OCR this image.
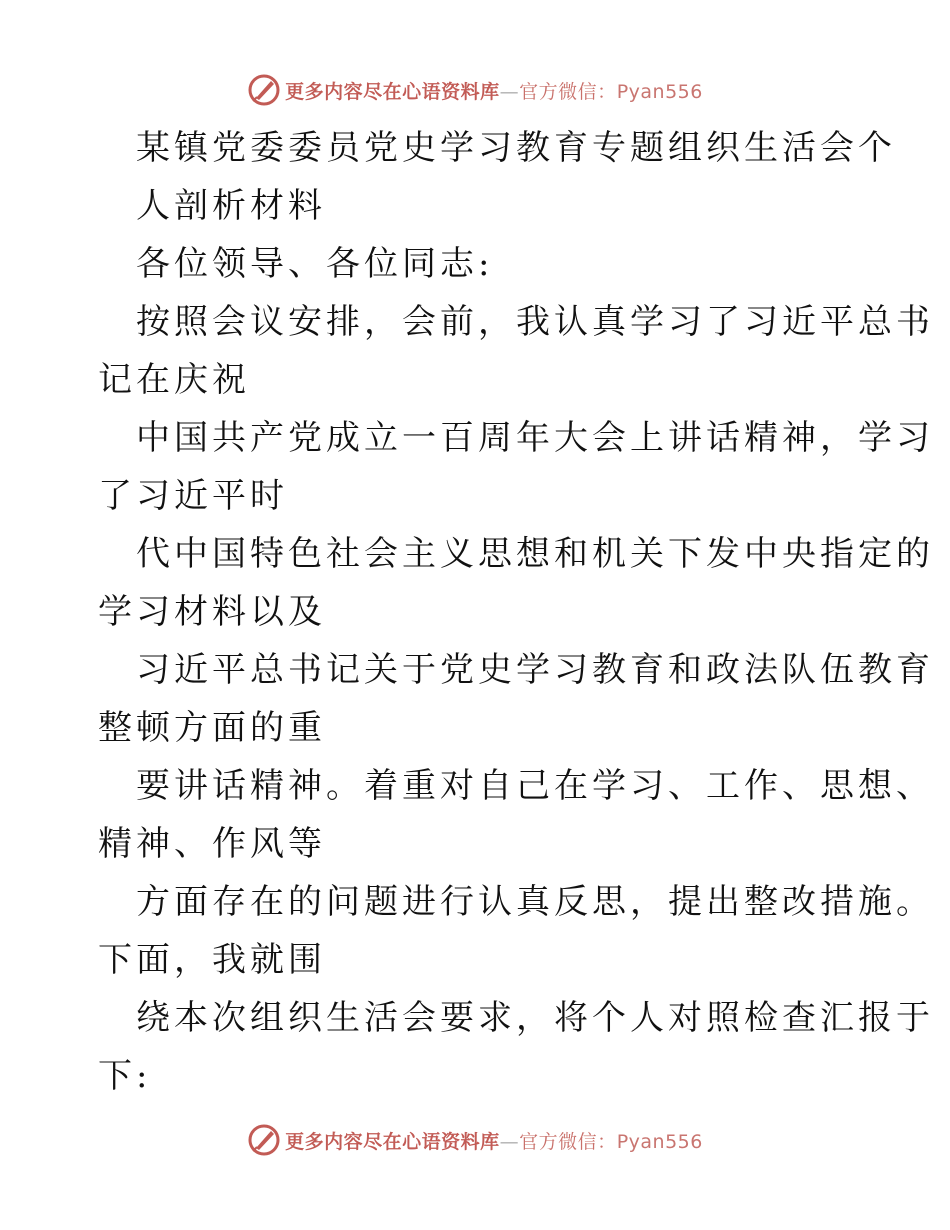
更多内容尽在心语资料库—官方微信：Pyan556
某镇党委委员党史学习教育专题组织生活会个
人剖析材料
各位领导、各位同志:
按照会议安排，会前，我认真学习了习近平总书
记在庆祝
中国共产党成立一百周年大会上讲话精神，学习
了习近平时
代中国特色社会主义思想和机关下发中央指定的
学习材料以及
习近平总书记关于党史学习教育和政法队伍教育
整顿方面的重
要讲话精神。着重对自己在学习、工作、思想、
精神、作风等
方面存在的问题进行认真反思，提出整改措施。
下面，我就围
绕本次组织生活会要求，将个人对照检查汇报于
下:
更多内容尽在心语资料库—官方微信：Pyan556
